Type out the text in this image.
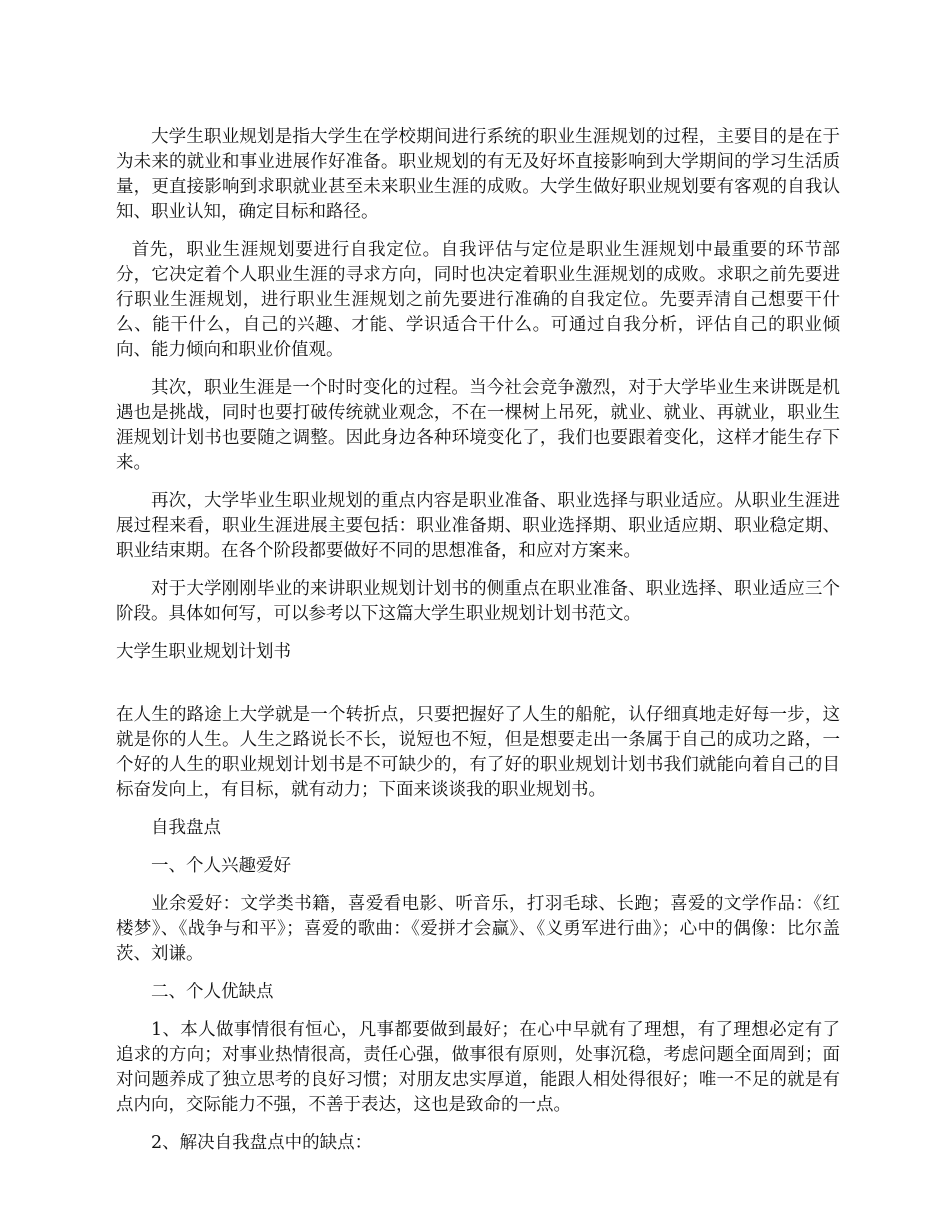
大学生职业规划是指大学生在学校期间进行系统的职业生涯规划的过程，主要目的是在于为未来的就业和事业进展作好准备。职业规划的有无及好坏直接影响到大学期间的学习生活质量，更直接影响到求职就业甚至未来职业生涯的成败。大学生做好职业规划要有客观的自我认知、职业认知，确定目标和路径。

首先，职业生涯规划要进行自我定位。自我评估与定位是职业生涯规划中最重要的环节部分，它决定着个人职业生涯的寻求方向，同时也决定着职业生涯规划的成败。求职之前先要进行职业生涯规划，进行职业生涯规划之前先要进行准确的自我定位。先要弄清自己想要干什么、能干什么，自己的兴趣、才能、学识适合干什么。可通过自我分析，评估自己的职业倾向、能力倾向和职业价值观。

其次，职业生涯是一个时时变化的过程。当今社会竞争激烈，对于大学毕业生来讲既是机遇也是挑战，同时也要打破传统就业观念，不在一棵树上吊死，就业、就业、再就业，职业生涯规划计划书也要随之调整。因此身边各种环境变化了，我们也要跟着变化，这样才能生存下来。

再次，大学毕业生职业规划的重点内容是职业准备、职业选择与职业适应。从职业生涯进展过程来看，职业生涯进展主要包括：职业准备期、职业选择期、职业适应期、职业稳定期、职业结束期。在各个阶段都要做好不同的思想准备，和应对方案来。

对于大学刚刚毕业的来讲职业规划计划书的侧重点在职业准备、职业选择、职业适应三个阶段。具体如何写，可以参考以下这篇大学生职业规划计划书范文。

大学生职业规划计划书

在人生的路途上大学就是一个转折点，只要把握好了人生的船舵，认仔细真地走好每一步，这就是你的人生。人生之路说长不长，说短也不短，但是想要走出一条属于自己的成功之路，一个好的人生的职业规划计划书是不可缺少的，有了好的职业规划计划书我们就能向着自己的目标奋发向上，有目标，就有动力；下面来谈谈我的职业规划书。

自我盘点

一、个人兴趣爱好

业余爱好：文学类书籍，喜爱看电影、听音乐，打羽毛球、长跑；喜爱的文学作品：《红楼梦》、《战争与和平》；喜爱的歌曲：《爱拼才会赢》、《义勇军进行曲》；心中的偶像：比尔盖茨、刘谦。

二、个人优缺点

1、本人做事情很有恒心，凡事都要做到最好；在心中早就有了理想，有了理想必定有了追求的方向；对事业热情很高，责任心强，做事很有原则，处事沉稳，考虑问题全面周到；面对问题养成了独立思考的良好习惯；对朋友忠实厚道，能跟人相处得很好；唯一不足的就是有点内向，交际能力不强，不善于表达，这也是致命的一点。

2、解决自我盘点中的缺点：
